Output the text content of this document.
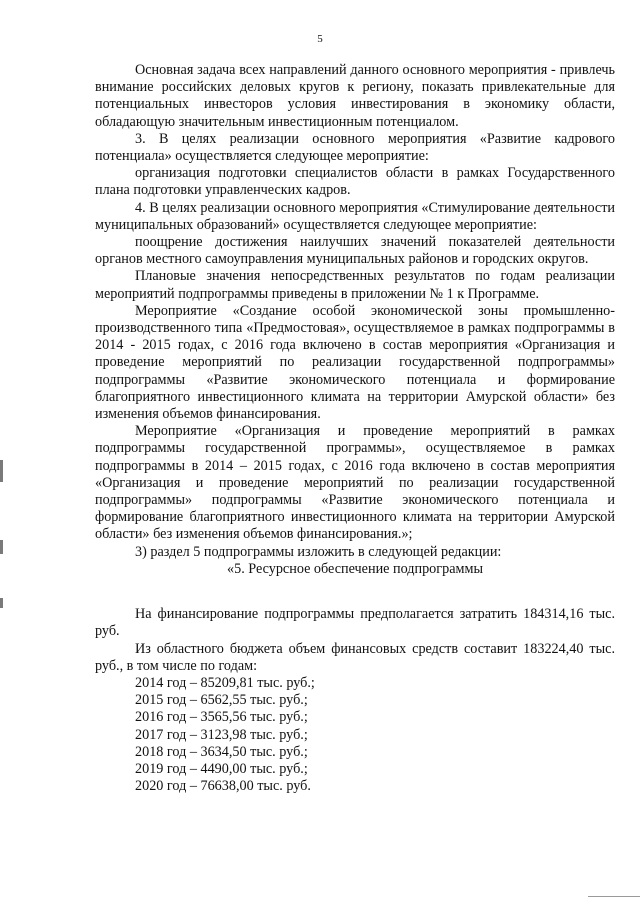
5

Основная задача всех направлений данного основного мероприятия - привлечь внимание российских деловых кругов к регионy, показать привлекательные для потенциальных инвесторов условия инвестирования в экономику области, обладающую значительным инвестиционным потенциалом.

3. В целях реализации основного мероприятия «Развитие кадрового потенциала» осуществляется следующее мероприятие:

организация подготовки специалистов области в рамках Государственного плана подготовки управленческих кадров.

4. В целях реализации основного мероприятия «Стимулирование деятельности муниципальных образований» осуществляется следующее мероприятие:

поощрение достижения наилучших значений показателей деятельности органов местного самоуправления муниципальных районов и городских округов.

Плановые значения непосредственных результатов по годам реализации мероприятий подпрограммы приведены в приложении № 1 к Программе.

Мероприятие «Создание особой экономической зоны промышленно-производственного типа «Предмостовая», осуществляемое в рамках подпрограммы в 2014 - 2015 годах, с 2016 года включено в состав мероприятия «Организация и проведение мероприятий по реализации государственной подпрограммы» подпрограммы «Развитие экономического потенциала и формирование благоприятного инвестиционного климата на территории Амурской области» без изменения объемов финансирования.

Мероприятие «Организация и проведение мероприятий в рамках подпрограммы государственной программы», осуществляемое в рамках подпрограммы в 2014 – 2015 годах, с 2016 года включено в состав мероприятия «Организация и проведение мероприятий по реализации государственной подпрограммы» подпрограммы «Развитие экономического потенциала и формирование благоприятного инвестиционного климата на территории Амурской области» без изменения объемов финансирования.»;

3) раздел 5 подпрограммы изложить в следующей редакции:

«5. Ресурсное обеспечение подпрограммы

На финансирование подпрограммы предполагается затратить 184314,16 тыс. руб.

Из областного бюджета объем финансовых средств составит 183224,40 тыс. руб., в том числе по годам:

2014 год – 85209,81 тыс. руб.;

2015 год – 6562,55 тыс. руб.;

2016 год – 3565,56 тыс. руб.;

2017 год – 3123,98 тыс. руб.;

2018 год – 3634,50 тыс. руб.;

2019 год – 4490,00 тыс. руб.;

2020 год – 76638,00 тыс. руб.
